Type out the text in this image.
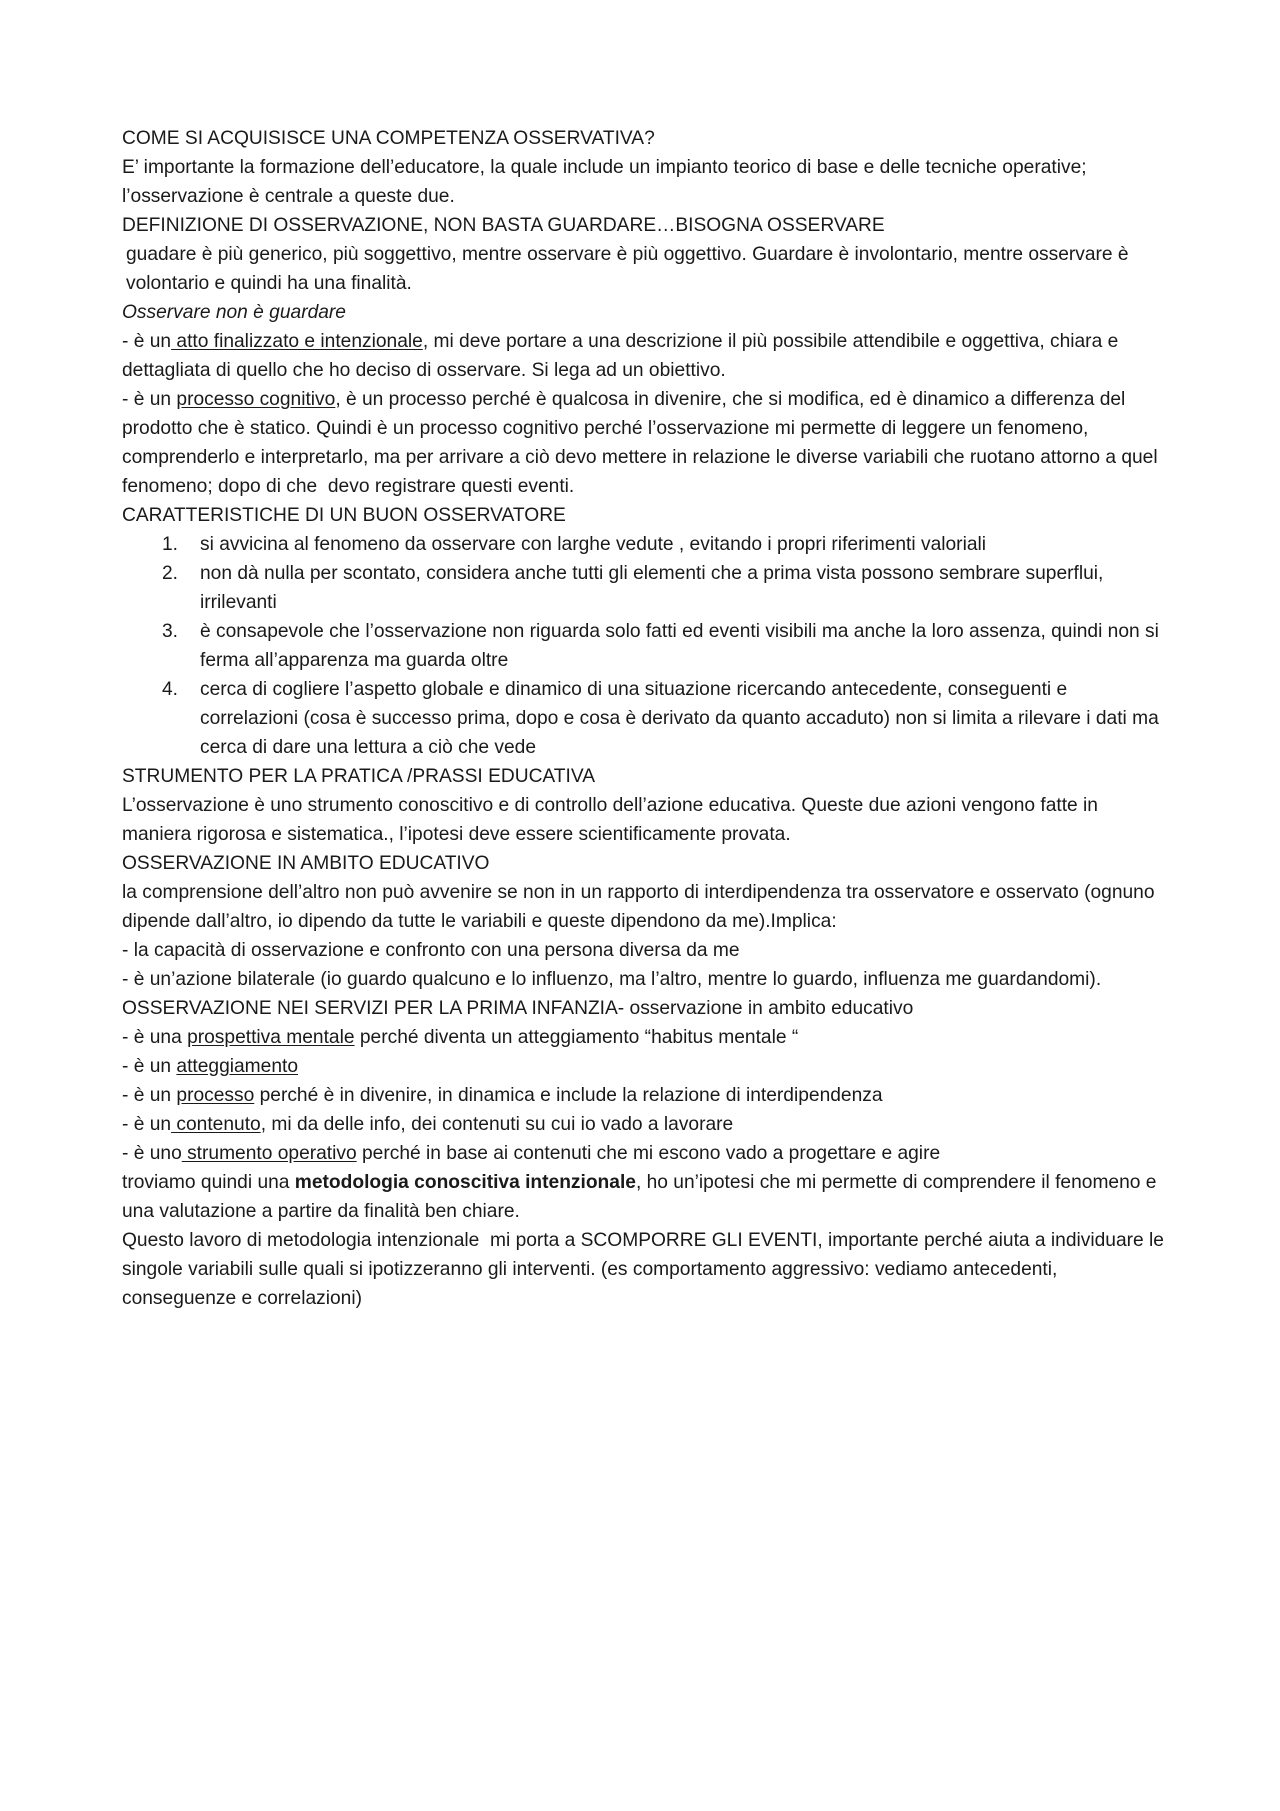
COME SI ACQUISISCE UNA COMPETENZA OSSERVATIVA?

E’ importante la formazione dell’educatore, la quale include un impianto teorico di base e delle tecniche operative; l’osservazione è centrale a queste due.

DEFINIZIONE DI OSSERVAZIONE, NON BASTA GUARDARE…BISOGNA OSSERVARE

guadare è più generico, più soggettivo, mentre osservare è più oggettivo. Guardare è involontario, mentre osservare è volontario e quindi ha una finalità.

Osservare non è guardare

- è un atto finalizzato e intenzionale, mi deve portare a una descrizione il più possibile attendibile e oggettiva, chiara e dettagliata di quello che ho deciso di osservare. Si lega ad un obiettivo.

- è un processo cognitivo, è un processo perché è qualcosa in divenire, che si modifica, ed è dinamico a differenza del prodotto che è statico. Quindi è un processo cognitivo perché l’osservazione mi permette di leggere un fenomeno, comprenderlo e interpretarlo, ma per arrivare a ciò devo mettere in relazione le diverse variabili che ruotano attorno a quel fenomeno; dopo di che  devo registrare questi eventi.

CARATTERISTICHE DI UN BUON OSSERVATORE

1. si avvicina al fenomeno da osservare con larghe vedute , evitando i propri riferimenti valoriali
2. non dà nulla per scontato, considera anche tutti gli elementi che a prima vista possono sembrare superflui, irrilevanti
3. è consapevole che l’osservazione non riguarda solo fatti ed eventi visibili ma anche la loro assenza, quindi non si ferma all’apparenza ma guarda oltre
4. cerca di cogliere l’aspetto globale e dinamico di una situazione ricercando antecedente, conseguenti e correlazioni (cosa è successo prima, dopo e cosa è derivato da quanto accaduto) non si limita a rilevare i dati ma cerca di dare una lettura a ciò che vede

STRUMENTO PER LA PRATICA /PRASSI EDUCATIVA

L’osservazione è uno strumento conoscitivo e di controllo dell’azione educativa. Queste due azioni vengono fatte in maniera rigorosa e sistematica., l’ipotesi deve essere scientificamente provata.

OSSERVAZIONE IN AMBITO EDUCATIVO

la comprensione dell’altro non può avvenire se non in un rapporto di interdipendenza tra osservatore e osservato (ognuno dipende dall’altro, io dipendo da tutte le variabili e queste dipendono da me).Implica:

- la capacità di osservazione e confronto con una persona diversa da me

- è un’azione bilaterale (io guardo qualcuno e lo influenzo, ma l’altro, mentre lo guardo, influenza me guardandomi).

OSSERVAZIONE NEI SERVIZI PER LA PRIMA INFANZIA- osservazione in ambito educativo

- è una prospettiva mentale perché diventa un atteggiamento “habitus mentale “

- è un atteggiamento

- è un processo perché è in divenire, in dinamica e include la relazione di interdipendenza

- è un contenuto, mi da delle info, dei contenuti su cui io vado a lavorare

- è uno strumento operativo perché in base ai contenuti che mi escono vado a progettare e agire

troviamo quindi una metodologia conoscitiva intenzionale, ho un’ipotesi che mi permette di comprendere il fenomeno e una valutazione a partire da finalità ben chiare.

Questo lavoro di metodologia intenzionale  mi porta a SCOMPORRE GLI EVENTI, importante perché aiuta a individuare le singole variabili sulle quali si ipotizzeranno gli interventi. (es comportamento aggressivo: vediamo antecedenti, conseguenze e correlazioni)
